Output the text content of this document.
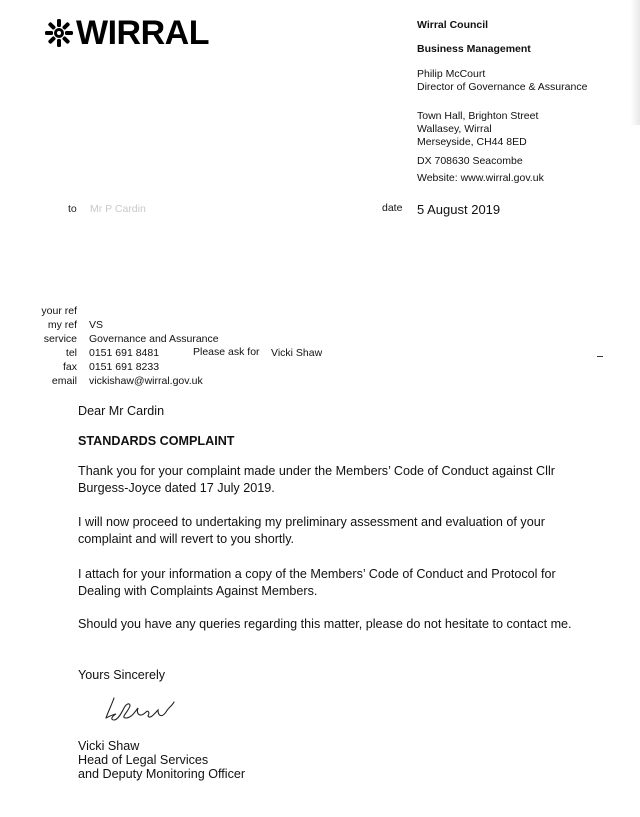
WIRRAL	Wirral Council
Business Management
Philip McCourt
Director of Governance & Assurance
Town Hall, Brighton Street
Wallasey, Wirral
Merseyside, CH44 8ED
DX 708630 Seacombe
Website: www.wirral.gov.uk
to Mr P Cardin	date 5 August 2019
your ref
my ref	VS
service	Governance and Assurance
tel	0151 691 8481
fax	0151 691 8233
email	vickishaw@wirral.gov.uk
Please ask for Vicki Shaw
Dear Mr Cardin
STANDARDS COMPLAINT
Thank you for your complaint made under the Members’ Code of Conduct against Cllr Burgess-Joyce dated 17 July 2019.
I will now proceed to undertaking my preliminary assessment and evaluation of your complaint and will revert to you shortly.
I attach for your information a copy of the Members’ Code of Conduct and Protocol for Dealing with Complaints Against Members.
Should you have any queries regarding this matter, please do not hesitate to contact me.
Yours Sincerely
Vicki Shaw
Head of Legal Services
and Deputy Monitoring Officer
